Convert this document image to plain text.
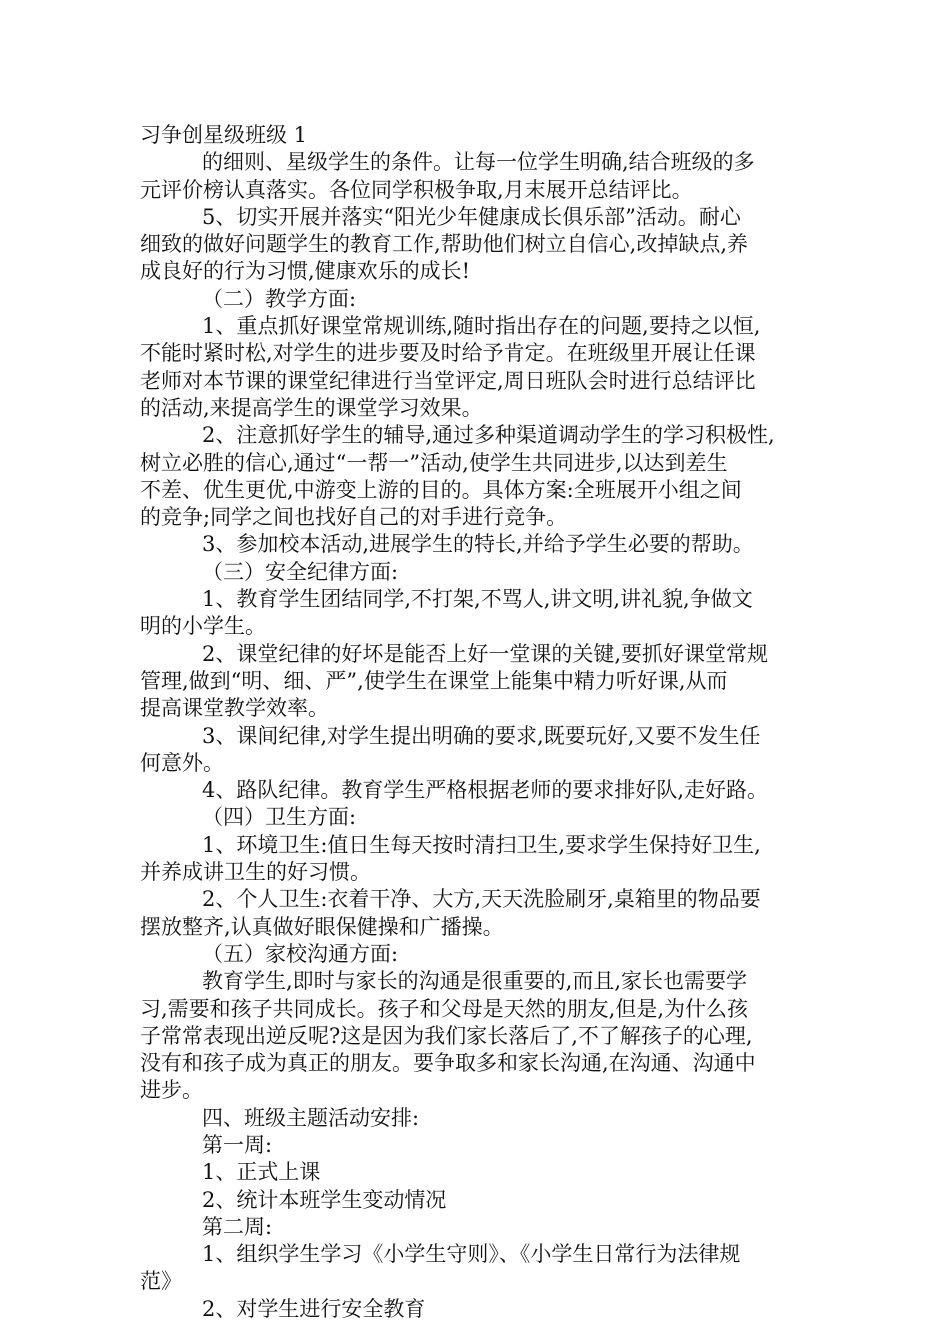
习争创星级班级 1

的细则、星级学生的条件。让每一位学生明确,结合班级的多

元评价榜认真落实。各位同学积极争取,月末展开总结评比。

5、切实开展并落实“阳光少年健康成长俱乐部”活动。耐心

细致的做好问题学生的教育工作,帮助他们树立自信心,改掉缺点,养

成良好的行为习惯,健康欢乐的成长!

（二）教学方面:

1、重点抓好课堂常规训练,随时指出存在的问题,要持之以恒,

不能时紧时松,对学生的进步要及时给予肯定。在班级里开展让任课

老师对本节课的课堂纪律进行当堂评定,周日班队会时进行总结评比

的活动,来提高学生的课堂学习效果。

2、注意抓好学生的辅导,通过多种渠道调动学生的学习积极性,

树立必胜的信心,通过“一帮一”活动,使学生共同进步,以达到差生

不差、优生更优,中游变上游的目的。具体方案:全班展开小组之间

的竞争;同学之间也找好自己的对手进行竞争。

3、参加校本活动,进展学生的特长,并给予学生必要的帮助。

（三）安全纪律方面:

1、教育学生团结同学,不打架,不骂人,讲文明,讲礼貌,争做文

明的小学生。

2、课堂纪律的好坏是能否上好一堂课的关键,要抓好课堂常规

管理,做到“明、细、严”,使学生在课堂上能集中精力听好课,从而

提高课堂教学效率。

3、课间纪律,对学生提出明确的要求,既要玩好,又要不发生任

何意外。

4、路队纪律。教育学生严格根据老师的要求排好队,走好路。

（四）卫生方面:

1、环境卫生:值日生每天按时清扫卫生,要求学生保持好卫生,

并养成讲卫生的好习惯。

2、个人卫生:衣着干净、大方,天天洗脸刷牙,桌箱里的物品要

摆放整齐,认真做好眼保健操和广播操。

（五）家校沟通方面:

教育学生,即时与家长的沟通是很重要的,而且,家长也需要学

习,需要和孩子共同成长。孩子和父母是天然的朋友,但是,为什么孩

子常常表现出逆反呢?这是因为我们家长落后了,不了解孩子的心理,

没有和孩子成为真正的朋友。要争取多和家长沟通,在沟通、沟通中

进步。

四、班级主题活动安排:

第一周:

1、正式上课

2、统计本班学生变动情况

第二周:

1、组织学生学习《小学生守则》、《小学生日常行为法律规

范》

2、对学生进行安全教育
